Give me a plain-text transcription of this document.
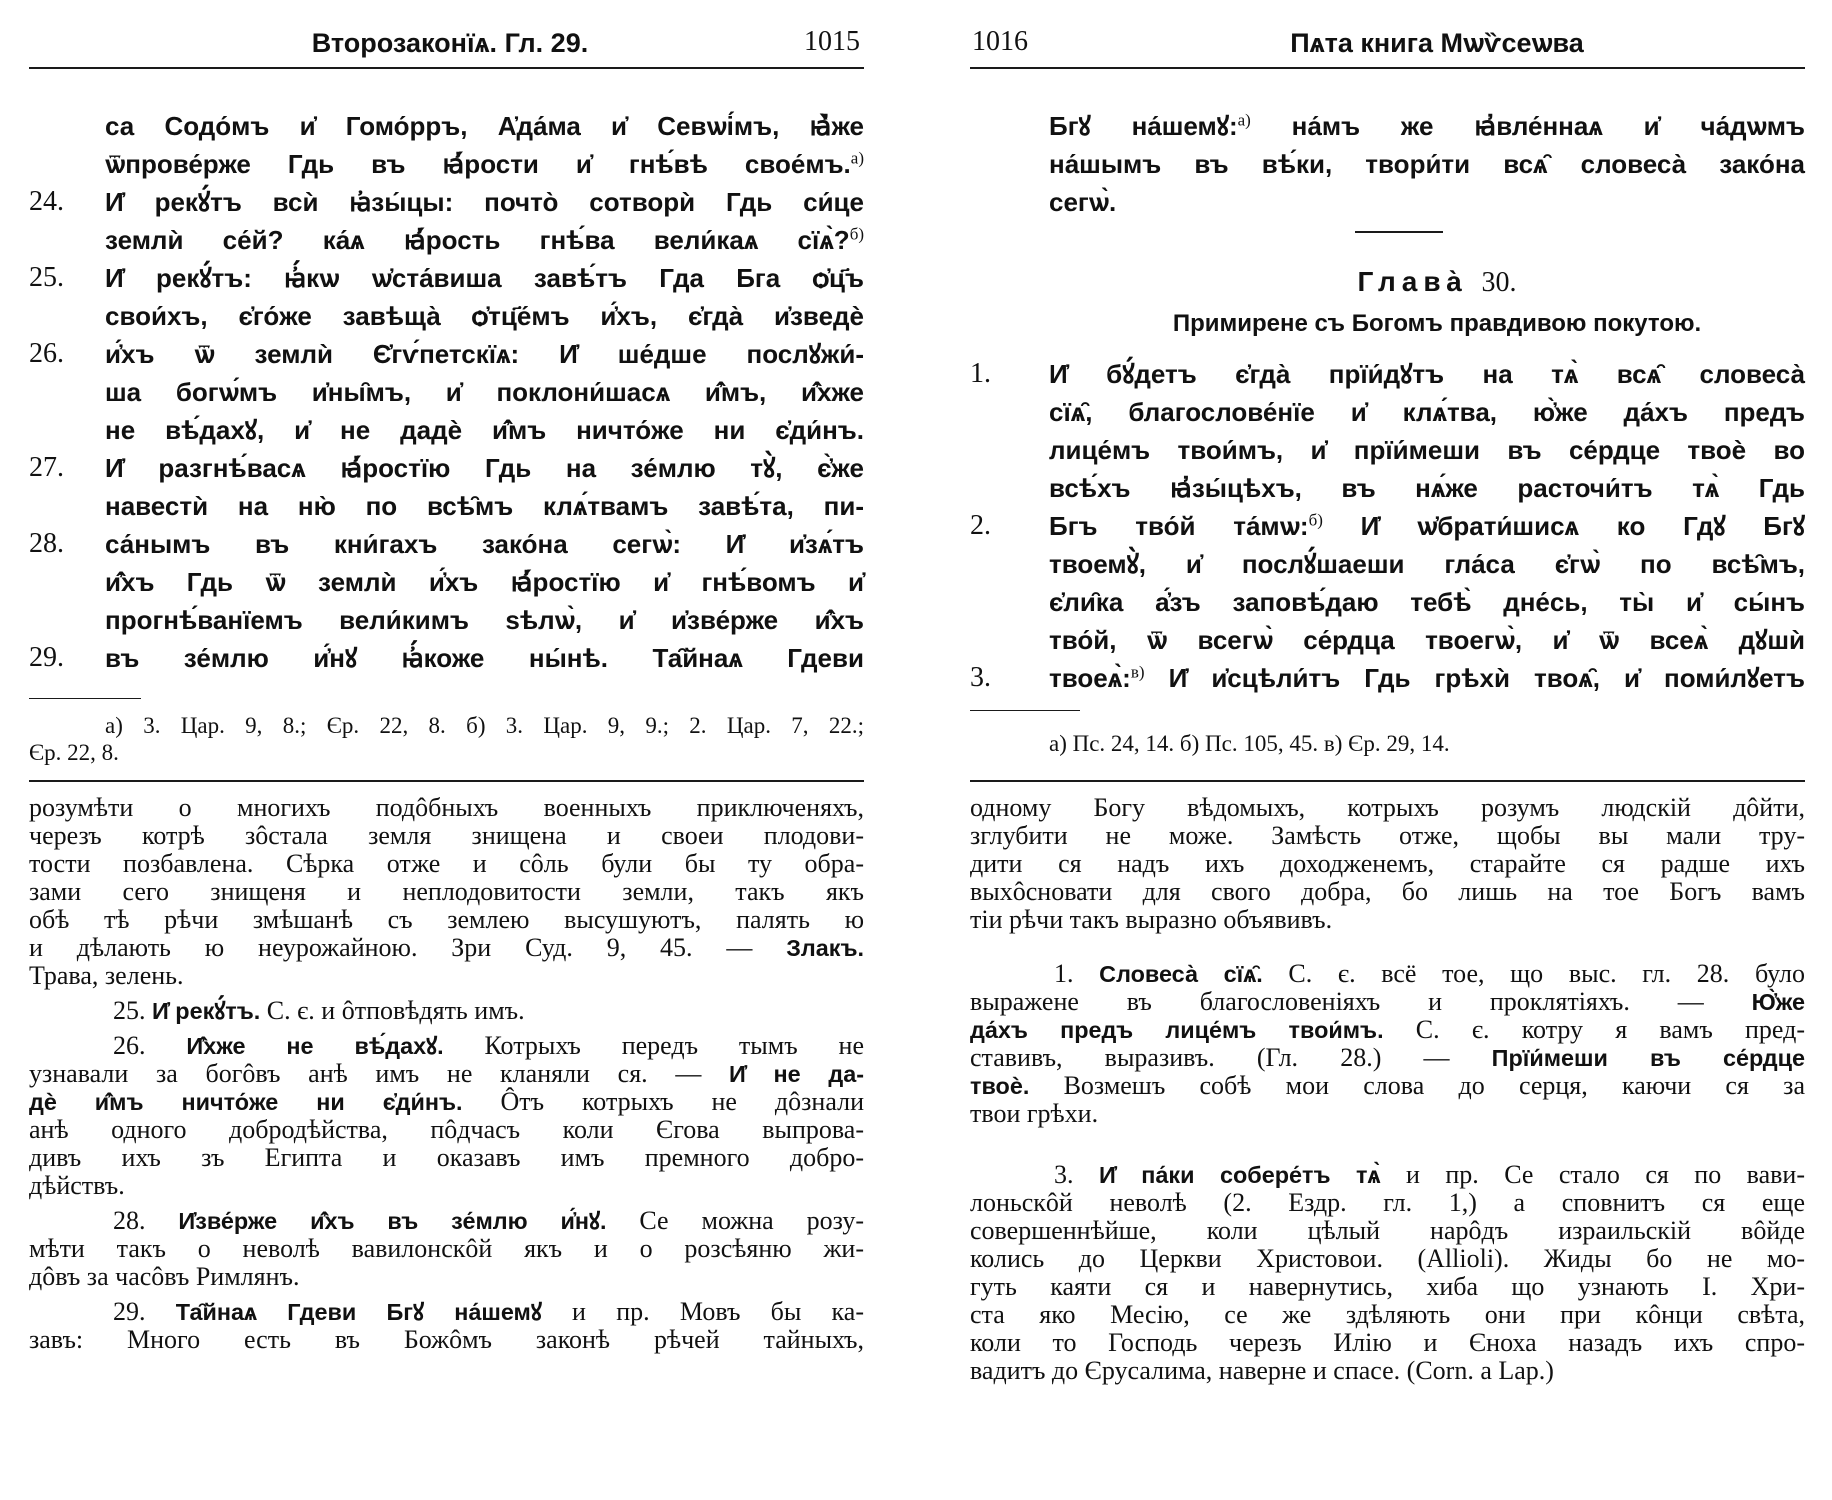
Второзаконїѧ. Гл. 29.	1015
са Содо́мъ и҆ Гомо́рръ, А҆да́ма и҆ Севѡі́мъ, ꙗ҆̀же
ѿпрове́рже Гдь въ ꙗ҆́рости и҆ гнѣ́вѣ свое́мъ.$^{а)}$
24. И҆ рекꙋ́тъ всѝ ꙗ҆зы́цы: почто̀ сотворѝ Гдь си́це
землѝ се́й? ка́ѧ ꙗ҆́рость гнѣ́ва вели́каѧ сїѧ̀?$^{б)}$
25. И҆ рекꙋ́тъ: ꙗ҆́кѡ ѡ҆ста́виша завѣ́тъ Гда Бга ѻ҆ц҃ъ
свои́хъ, є҆го́же завѣща̀ ѻ҆тц҃е́мъ и҆́хъ, є҆гда̀ и҆зведѐ
26. и҆́хъ ѿ землѝ Є҆гѵ́петскїѧ: И҆ ше́дше послꙋжи́-
ша богѡ́мъ и҆ны̑мъ, и҆ поклони́шасѧ и҆̂мъ, и҆̂хже
не вѣ́дахꙋ, и҆ не дадѐ и҆̂мъ ничто́же ни є҆ди́нъ.
27. И҆ разгнѣ́васѧ ꙗ҆́ростїю Гдь на зе́млю тꙋ̀, є҆̀же
навестѝ на ню̀ по всѣ̑мъ клѧ́твамъ завѣ́та, пи-
28. са́нымъ въ кни́гахъ зако́на сегѡ̀: И҆ и҆зѧ́тъ
и҆̂хъ Гдь ѿ землѝ и҆́хъ ꙗ҆́ростїю и҆ гнѣ́вомъ и҆
прогнѣ́ванїемъ вели́кимъ ѕѣлѡ̀, и҆ и҆зве́рже и҆̂хъ
29. въ зе́млю и҆́нꙋ ꙗ҆́коже ны́нѣ. Та̑йнаѧ Гдеви
а) 3. Цар. 9, 8.; Єр. 22, 8. б) 3. Цар. 9, 9.; 2. Цар. 7, 22.;
Єр. 22, 8.
розумѣти о многихъ подôбныхъ военныхъ приключеняхъ,
черезъ котрѣ зôстала земля знищена и своеи плодови-
тости позбавлена. Сѣрка отже и сôль були бы ту обра-
зами сего знищеня и неплодовитости земли, такъ якъ
обѣ тѣ рѣчи змѣшанѣ съ землею высушуютъ, палять ю
и дѣлають ю неурожайною. Зри Суд. 9, 45. — Злакъ.
Трава, зелень.
25. И҆ рекꙋ́тъ. С. є. и ôтповѣдять имъ.
26. И҆̂хже не вѣ́дахꙋ. Котрыхъ передъ тымъ не
узнавали за богôвъ анѣ имъ не кланяли ся. — И҆ не да-
дѐ и҆̂мъ ничто́же ни є҆ди́нъ. Ôтъ котрыхъ не дôзнали
анѣ одного добродѣйства, пôдчасъ коли Єгова выпрова-
дивъ ихъ зъ Египта и оказавъ имъ премного добро-
дѣйствъ.
28. И҆зве́рже и҆̂хъ въ зе́млю и҆́нꙋ. Се можна розу-
мѣти такъ о неволѣ вавилонскôй якъ и о розсѣяню жи-
дôвъ за часôвъ Римлянъ.
29. Та̑йнаѧ Гдеви Бгꙋ на́шемꙋ и пр. Мовъ бы ка-
завъ: Много есть въ Божôмъ законѣ рѣчей тайныхъ,
1016	Пѧта книга Мѡѷсеѡва
Бгꙋ на́шемꙋ:$^{а)}$ на́мъ же ꙗ҆вле́ннаѧ и҆ ча́дѡмъ
на́шымъ въ вѣ́ки, твори́ти всѧ̑ словеса̀ зако́на
сегѡ̀.
Глава̀ 30.
Примирене съ Богомъ правдивою покутою.
1. И҆ бꙋ́детъ є҆гда̀ прїи́дꙋтъ на тѧ̀ всѧ̑ словеса̀
сїѧ̑, благослове́нїе и҆ клѧ́тва, ю҆̀же да́хъ предъ
лице́мъ твои́мъ, и҆ прїи́меши въ се́рдце твоѐ во
всѣ́хъ ꙗ҆зы́цѣхъ, въ нѧ́же расточи́тъ тѧ̀ Гдь
2. Бгъ тво́й та́мѡ:$^{б)}$ И҆ ѡ҆брати́шисѧ ко Гдꙋ Бгꙋ
твоемꙋ̀, и҆ послꙋ́шаеши гла́са є҆гѡ̀ по всѣ̑мъ,
є҆ли̑ка а҆́зъ заповѣ́даю тебѣ̀ дне́сь, ты̀ и҆ сы́нъ
тво́й, ѿ всегѡ̀ се́рдца твоегѡ̀, и҆ ѿ всеѧ̀ дꙋшѝ
3. твоеѧ̀:$^{в)}$ И҆ и҆сцѣли́тъ Гдь грѣхѝ твоѧ̑, и҆ поми́лꙋетъ
а) Пс. 24, 14. б) Пс. 105, 45. в) Єр. 29, 14.
одному Богу вѣдомыхъ, котрыхъ розумъ людскій дôйти,
зглубити не може. Замѣсть отже, щобы вы мали тру-
дити ся надъ ихъ доходженемъ, старайте ся радше ихъ
выхôсновати для свого добра, бо лишь на тое Богъ вамъ
тіи рѣчи такъ выразно объявивъ.
1. Словеса̀ сїѧ̑. С. є. всё тое, що выс. гл. 28. було
выражене въ благословеніяхъ и проклятіяхъ. — Ю҆̀же
да́хъ предъ лице́мъ твои́мъ. С. є. котру я вамъ пред-
ставивъ, выразивъ. (Гл. 28.) — Прїи́меши въ се́рдце
твоѐ. Возмешъ собѣ мои слова до серця, каючи ся за
твои грѣхи.
3. И҆ па́ки собере́тъ тѧ̀ и пр. Се стало ся по вави-
лоньскôй неволѣ (2. Ездр. гл. 1,) а сповнитъ ся еще
совершеннѣйше, коли цѣлый нарôдъ израильскій вôйде
колись до Церкви Христовои. (Allioli). Жиды бо не мо-
гуть каяти ся и навернутись, хиба що узнають І. Хри-
ста яко Месію, се же здѣляють они при кôнци свѣта,
коли то Господь черезъ Илію и Єноха назадъ ихъ спро-
вадитъ до Єрусалима, наверне и спасе. (Corn. a Lap.)
